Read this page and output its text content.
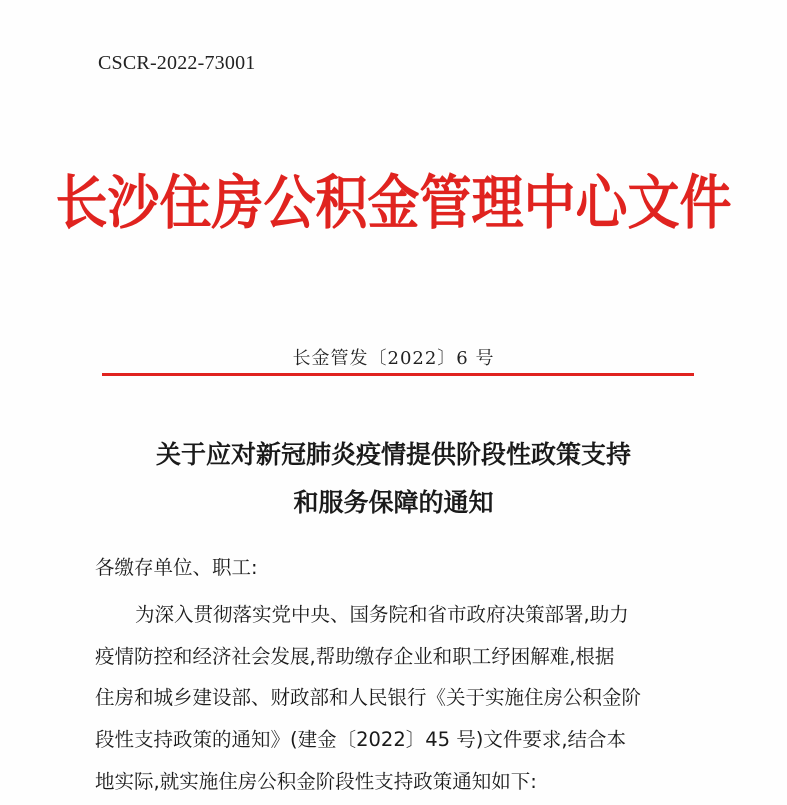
CSCR-2022-73001
长沙住房公积金管理中心文件
长金管发〔2022〕6 号
关于应对新冠肺炎疫情提供阶段性政策支持
和服务保障的通知
各缴存单位、职工:
为深入贯彻落实党中央、国务院和省市政府决策部署,助力
疫情防控和经济社会发展,帮助缴存企业和职工纾困解难,根据
住房和城乡建设部、财政部和人民银行《关于实施住房公积金阶
段性支持政策的通知》(建金〔2022〕45 号)文件要求,结合本
地实际,就实施住房公积金阶段性支持政策通知如下:
